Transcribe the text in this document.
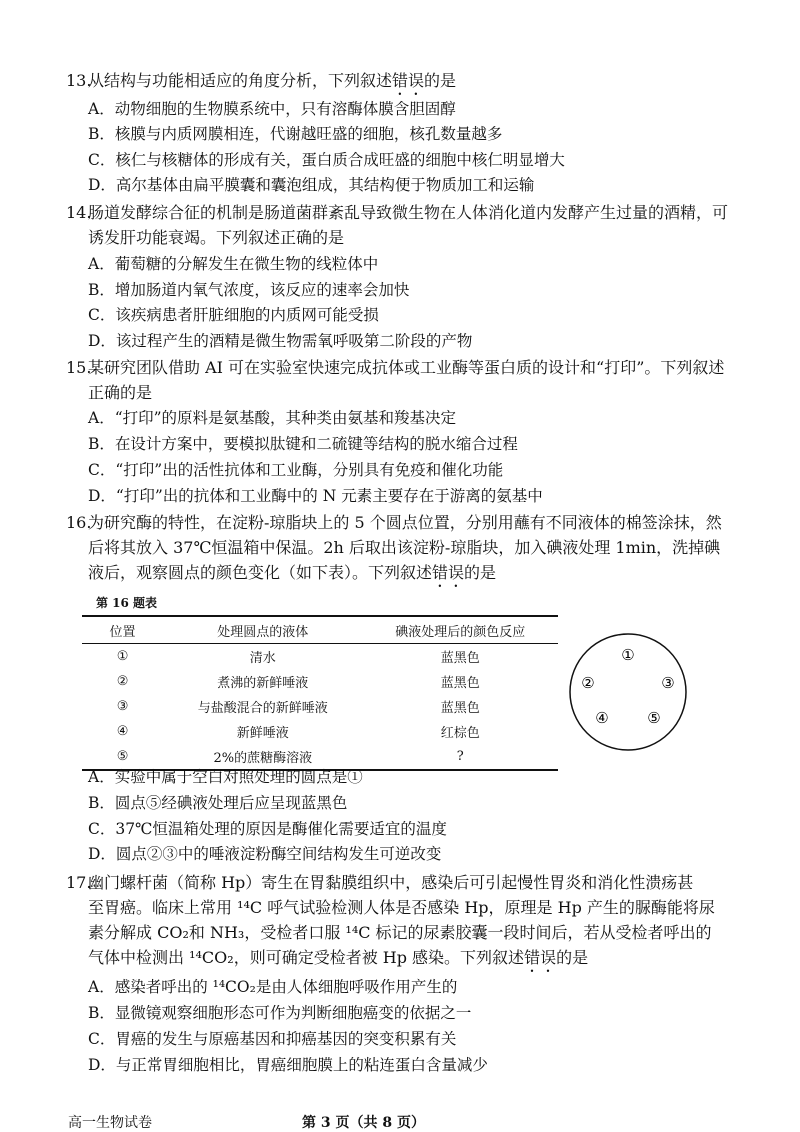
13.
从结构与功能相适应的角度分析，下列叙述错误的是
A．动物细胞的生物膜系统中，只有溶酶体膜含胆固醇
B．核膜与内质网膜相连，代谢越旺盛的细胞，核孔数量越多
C．核仁与核糖体的形成有关，蛋白质合成旺盛的细胞中核仁明显增大
D．高尔基体由扁平膜囊和囊泡组成，其结构便于物质加工和运输
14.
肠道发酵综合征的机制是肠道菌群紊乱导致微生物在人体消化道内发酵产生过量的酒精，可诱发肝功能衰竭。下列叙述正确的是
A．葡萄糖的分解发生在微生物的线粒体中
B．增加肠道内氧气浓度，该反应的速率会加快
C．该疾病患者肝脏细胞的内质网可能受损
D．该过程产生的酒精是微生物需氧呼吸第二阶段的产物
15.
某研究团队借助 AI 可在实验室快速完成抗体或工业酶等蛋白质的设计和“打印”。下列叙述正确的是
A．“打印”的原料是氨基酸，其种类由氨基和羧基决定
B．在设计方案中，要模拟肽键和二硫键等结构的脱水缩合过程
C．“打印”出的活性抗体和工业酶，分别具有免疫和催化功能
D．“打印”出的抗体和工业酶中的 N 元素主要存在于游离的氨基中
16.
为研究酶的特性，在淀粉-琼脂块上的 5 个圆点位置，分别用蘸有不同液体的棉签涂抹，然后将其放入 37℃恒温箱中保温。2h 后取出该淀粉-琼脂块，加入碘液处理 1min，洗掉碘液后，观察圆点的颜色变化（如下表）。下列叙述错误的是
第 16 题表
位置	处理圆点的液体	碘液处理后的颜色反应
①	清水	蓝黑色
②	煮沸的新鲜唾液	蓝黑色
③	与盐酸混合的新鲜唾液	蓝黑色
④	新鲜唾液	红棕色
⑤	2%的蔗糖酶溶液	?
①
②	③
④	⑤
A．实验中属于空白对照处理的圆点是①
B．圆点⑤经碘液处理后应呈现蓝黑色
C．37℃恒温箱处理的原因是酶催化需要适宜的温度
D．圆点②③中的唾液淀粉酶空间结构发生可逆改变
17.
幽门螺杆菌（简称 Hp）寄生在胃黏膜组织中，感染后可引起慢性胃炎和消化性溃疡甚
至胃癌。临床上常用 ¹⁴C 呼气试验检测人体是否感染 Hp，原理是 Hp 产生的脲酶能将尿
素分解成 CO₂和 NH₃，受检者口服 ¹⁴C 标记的尿素胶囊一段时间后，若从受检者呼出的
气体中检测出 ¹⁴CO₂，则可确定受检者被 Hp 感染。下列叙述错误的是
A．感染者呼出的 ¹⁴CO₂是由人体细胞呼吸作用产生的
B．显微镜观察细胞形态可作为判断细胞癌变的依据之一
C．胃癌的发生与原癌基因和抑癌基因的突变积累有关
D．与正常胃细胞相比，胃癌细胞膜上的粘连蛋白含量减少
高一生物试卷	第 3 页（共 8 页）
